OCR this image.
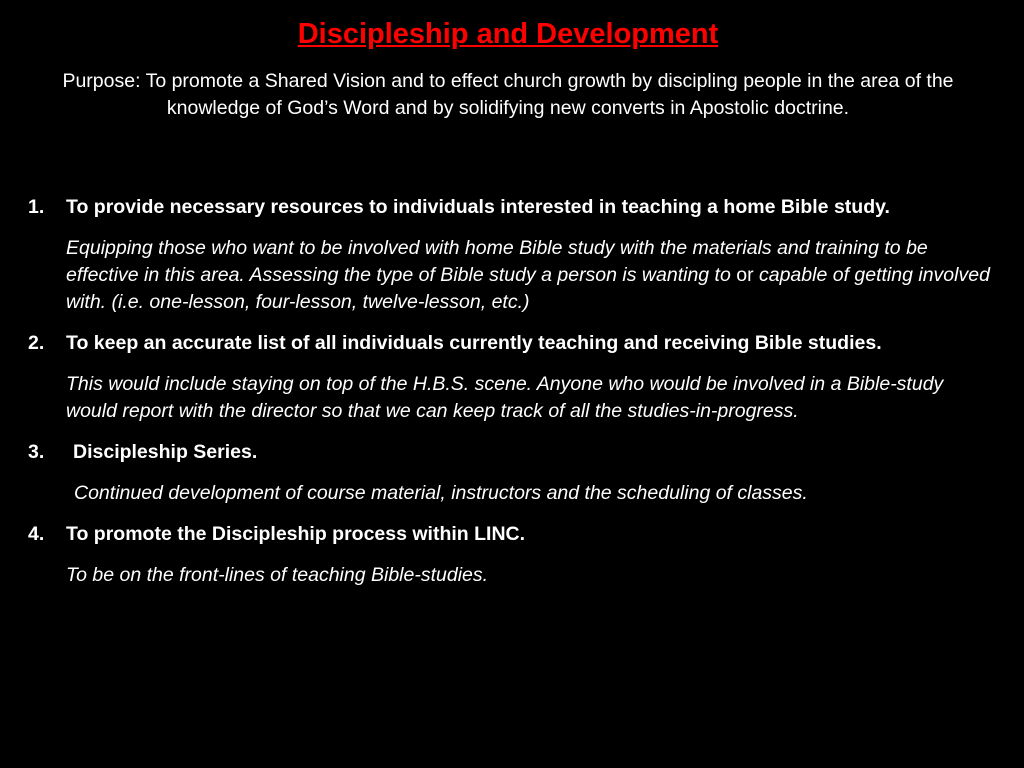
Discipleship and Development
Purpose: To promote a Shared Vision and to effect church growth by discipling people in the area of the knowledge of God’s Word and by solidifying new converts in Apostolic doctrine.
1. To provide necessary resources to individuals interested in teaching a home Bible study.
Equipping those who want to be involved with home Bible study with the materials and training to be effective in this area. Assessing the type of Bible study a person is wanting to or capable of getting involved with. (i.e. one-lesson, four-lesson, twelve-lesson, etc.)
2. To keep an accurate list of all individuals currently teaching and receiving Bible studies.
This would include staying on top of the H.B.S. scene. Anyone who would be involved in a Bible-study would report with the director so that we can keep track of all the studies-in-progress.
3. Discipleship Series.
Continued development of course material, instructors and the scheduling of classes.
4. To promote the Discipleship process within LINC.
To be on the front-lines of teaching Bible-studies.
